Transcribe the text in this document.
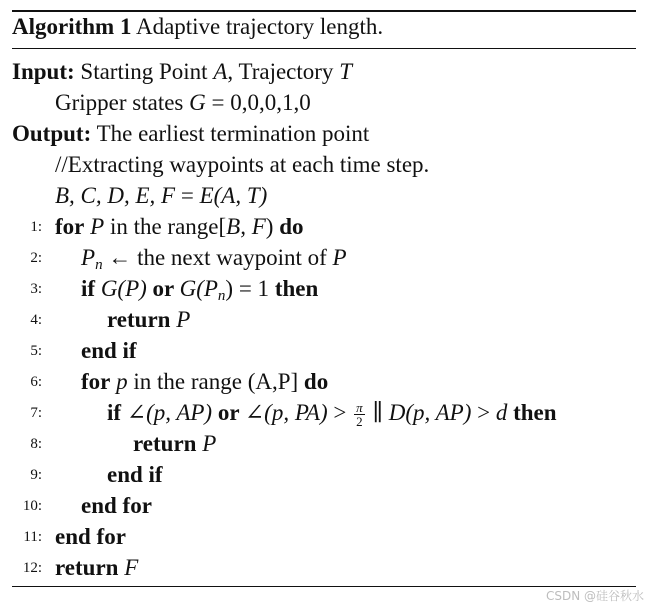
Algorithm 1 Adaptive trajectory length.
Input: Starting Point A, Trajectory T
Gripper states G = 0,0,0,1,0
Output: The earliest termination point
//Extracting waypoints at each time step.
B, C, D, E, F = E(A, T)
1: for P in the range[B, F) do
2: $P_n$ ← the next waypoint of P
3: if G(P) or $G(P_n) = 1$ then
4:	return P
5: end if
6: for p in the range (A,P] do
7:	if ∠(p, AP) or ∠(p, $PA) > \frac{\pi}{2}$ ∥ D(p, AP) > d then
8:	return P
9:	end if
10: end for
11: end for
12: return F
CSDN @硅谷秋水
